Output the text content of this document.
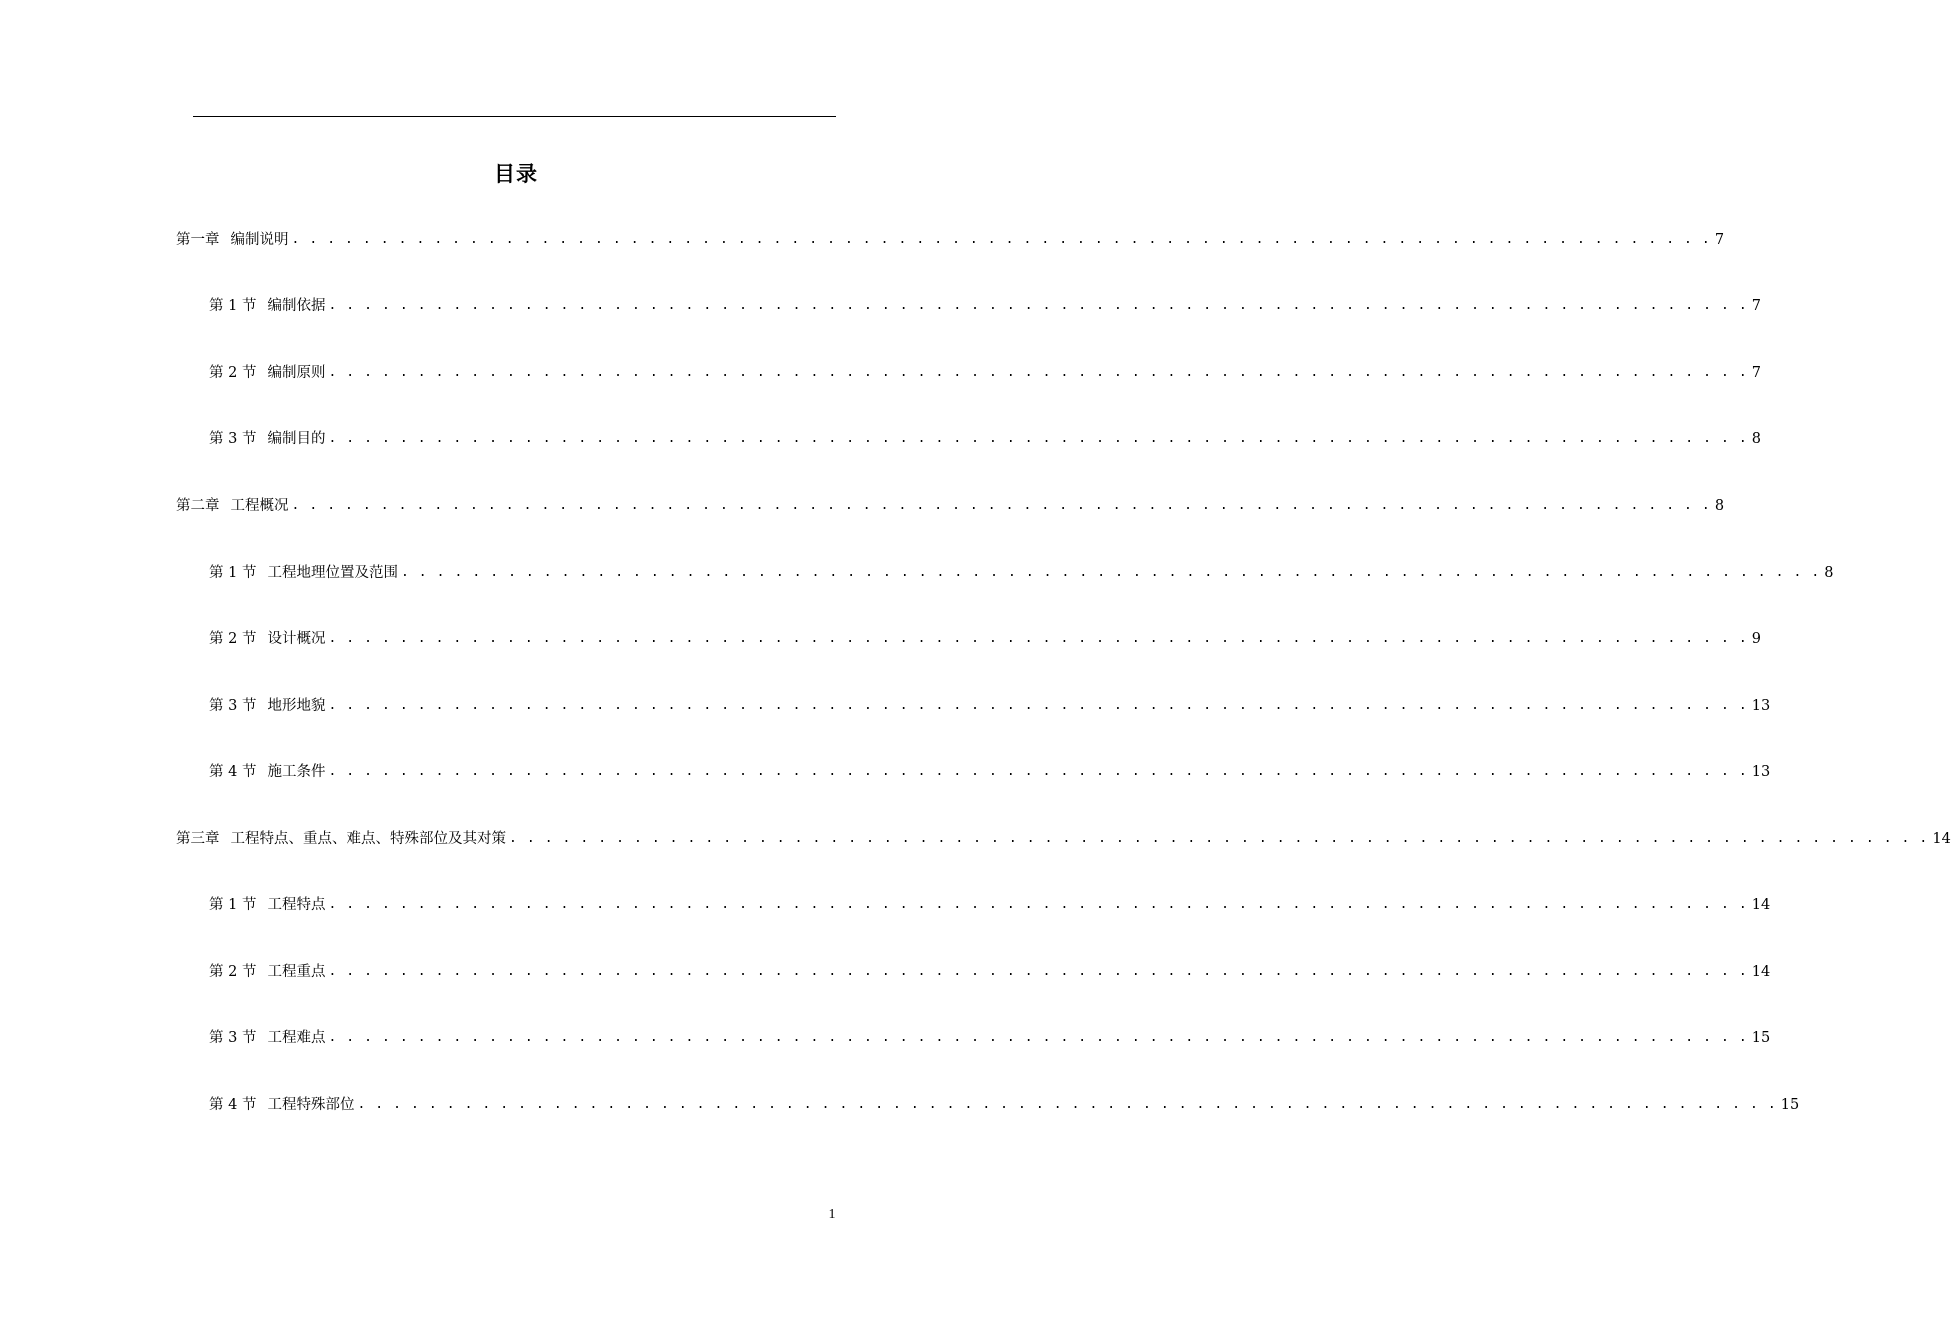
目录
第一章 编制说明 . . . . . . . . . . . . . . . . . . . . . . . . . . . . . . . . . . . . . . . . . . . . . . . . . . . . . . . . . . . . . . . . . . . . . . . . . . . . . . . . 7
第 1 节 编制依据 . . . . . . . . . . . . . . . . . . . . . . . . . . . . . . . . . . . . . . . . . . . . . . . . . . . . . . . . . . . . . . . . . . . . . . . . . . . . . . . . 7
第 2 节 编制原则 . . . . . . . . . . . . . . . . . . . . . . . . . . . . . . . . . . . . . . . . . . . . . . . . . . . . . . . . . . . . . . . . . . . . . . . . . . . . . . . . 7
第 3 节 编制目的 . . . . . . . . . . . . . . . . . . . . . . . . . . . . . . . . . . . . . . . . . . . . . . . . . . . . . . . . . . . . . . . . . . . . . . . . . . . . . . . . 8
第二章 工程概况 . . . . . . . . . . . . . . . . . . . . . . . . . . . . . . . . . . . . . . . . . . . . . . . . . . . . . . . . . . . . . . . . . . . . . . . . . . . . . . . . 8
第 1 节 工程地理位置及范围 . . . . . . . . . . . . . . . . . . . . . . . . . . . . . . . . . . . . . . . . . . . . . . . . . . . . . . . . . . . . . . . . . . . . . . . . . . . . . . . . 8
第 2 节 设计概况 . . . . . . . . . . . . . . . . . . . . . . . . . . . . . . . . . . . . . . . . . . . . . . . . . . . . . . . . . . . . . . . . . . . . . . . . . . . . . . . . 9
第 3 节 地形地貌 . . . . . . . . . . . . . . . . . . . . . . . . . . . . . . . . . . . . . . . . . . . . . . . . . . . . . . . . . . . . . . . . . . . . . . . . . . . . . . . . 13
第 4 节 施工条件 . . . . . . . . . . . . . . . . . . . . . . . . . . . . . . . . . . . . . . . . . . . . . . . . . . . . . . . . . . . . . . . . . . . . . . . . . . . . . . . . 13
第三章 工程特点、重点、难点、特殊部位及其对策 . . . . . . . . . . . . . . . . . . . . . . . . . . . . . . . . . . . . . . . . . . . . . . . . . . . . . . . . . . . . . . . . . . . . . . . . . . . . . . . . 14
第 1 节 工程特点 . . . . . . . . . . . . . . . . . . . . . . . . . . . . . . . . . . . . . . . . . . . . . . . . . . . . . . . . . . . . . . . . . . . . . . . . . . . . . . . . 14
第 2 节 工程重点 . . . . . . . . . . . . . . . . . . . . . . . . . . . . . . . . . . . . . . . . . . . . . . . . . . . . . . . . . . . . . . . . . . . . . . . . . . . . . . . . 14
第 3 节 工程难点 . . . . . . . . . . . . . . . . . . . . . . . . . . . . . . . . . . . . . . . . . . . . . . . . . . . . . . . . . . . . . . . . . . . . . . . . . . . . . . . . 15
第 4 节 工程特殊部位 . . . . . . . . . . . . . . . . . . . . . . . . . . . . . . . . . . . . . . . . . . . . . . . . . . . . . . . . . . . . . . . . . . . . . . . . . . . . . . . . 15
1
